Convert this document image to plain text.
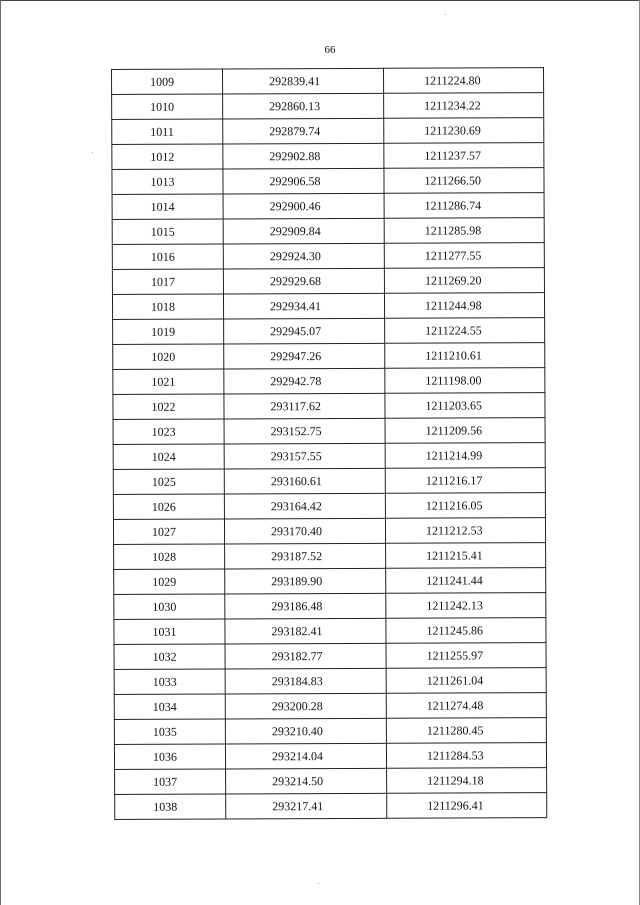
66
1009	292839.41	1211224.80
1010	292860.13	1211234.22
1011	292879.74	1211230.69
1012	292902.88	1211237.57
1013	292906.58	1211266.50
1014	292900.46	1211286.74
1015	292909.84	1211285.98
1016	292924.30	1211277.55
1017	292929.68	1211269.20
1018	292934.41	1211244.98
1019	292945.07	1211224.55
1020	292947.26	1211210.61
1021	292942.78	1211198.00
1022	293117.62	1211203.65
1023	293152.75	1211209.56
1024	293157.55	1211214.99
1025	293160.61	1211216.17
1026	293164.42	1211216.05
1027	293170.40	1211212.53
1028	293187.52	1211215.41
1029	293189.90	1211241.44
1030	293186.48	1211242.13
1031	293182.41	1211245.86
1032	293182.77	1211255.97
1033	293184.83	1211261.04
1034	293200.28	1211274.48
1035	293210.40	1211280.45
1036	293214.04	1211284.53
1037	293214.50	1211294.18
1038	293217.41	1211296.41
